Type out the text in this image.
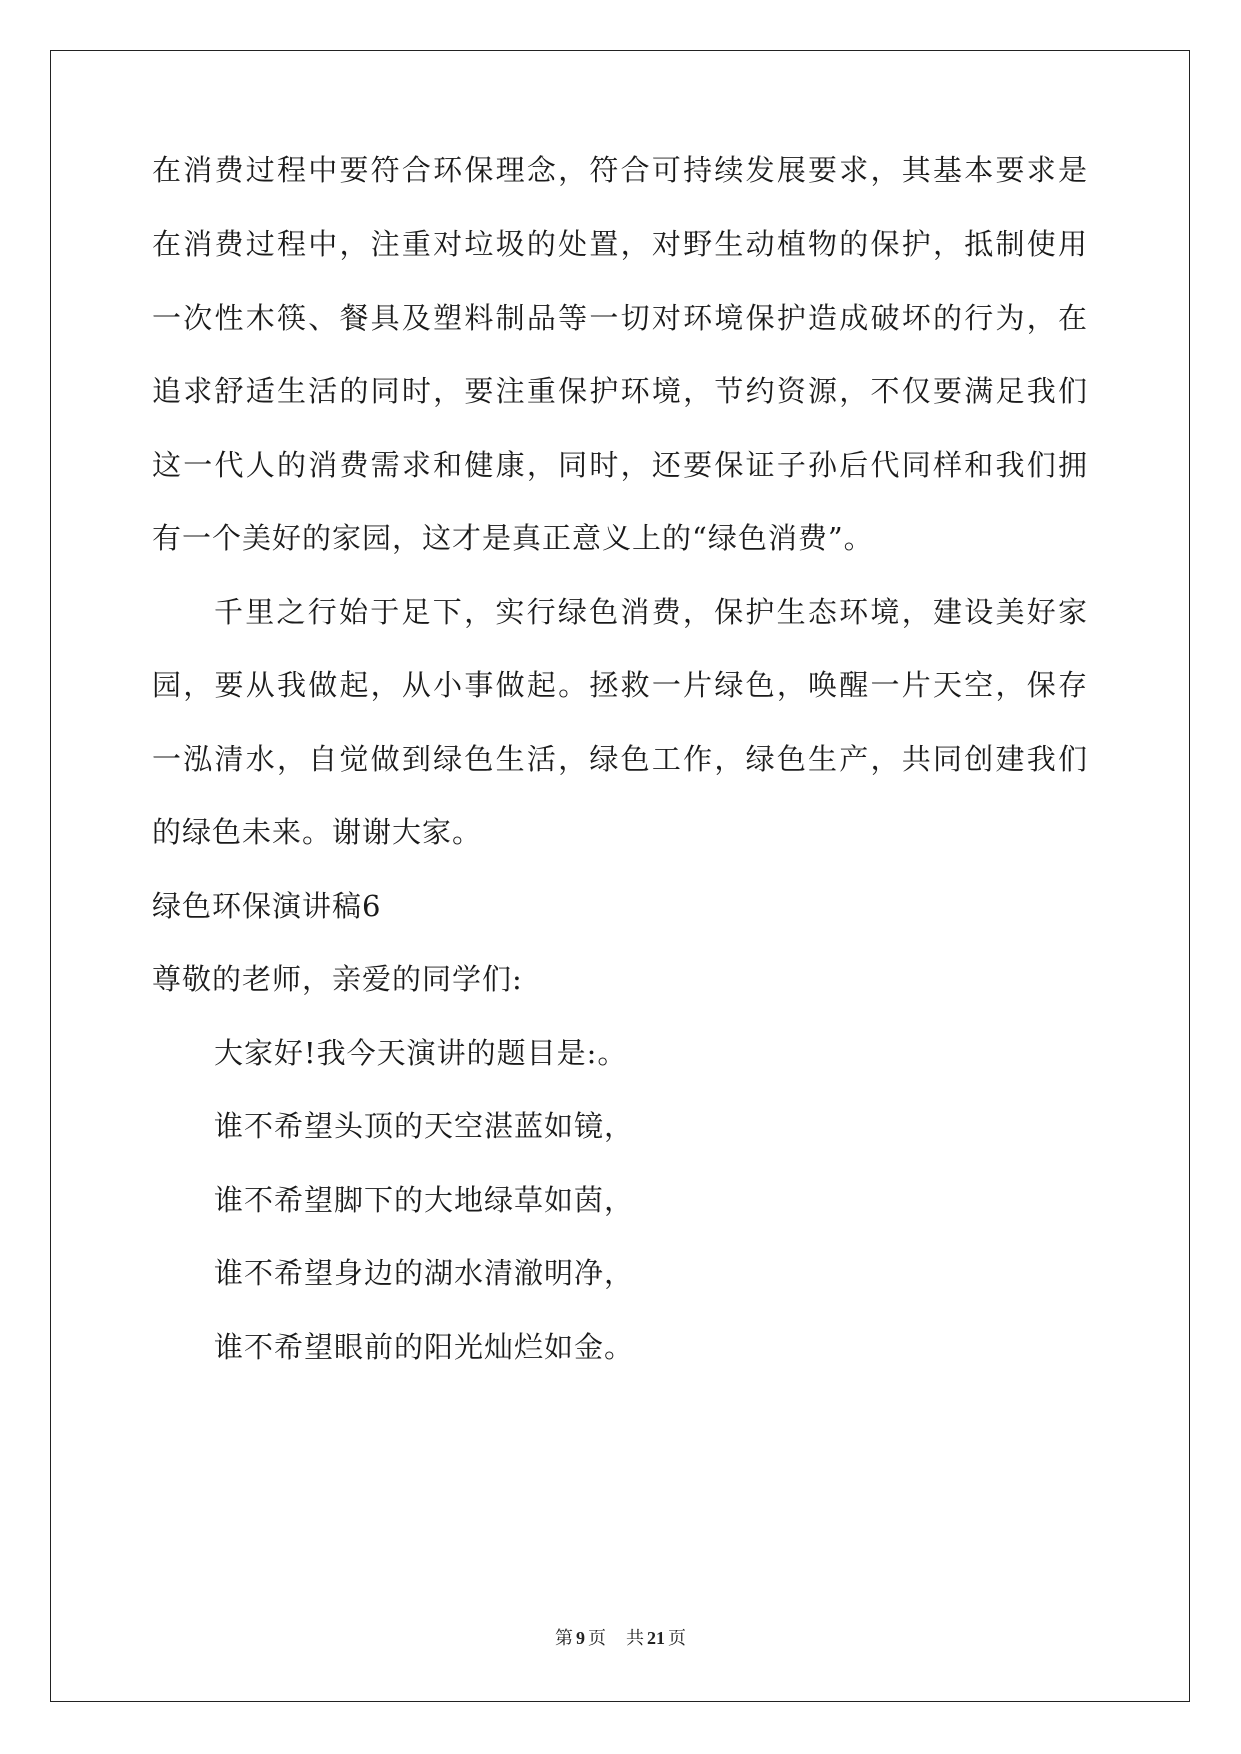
在消费过程中要符合环保理念，符合可持续发展要求，其基本要求是
在消费过程中，注重对垃圾的处置，对野生动植物的保护，抵制使用
一次性木筷、餐具及塑料制品等一切对环境保护造成破坏的行为，在
追求舒适生活的同时，要注重保护环境，节约资源，不仅要满足我们
这一代人的消费需求和健康，同时，还要保证子孙后代同样和我们拥
有一个美好的家园，这才是真正意义上的“绿色消费”。
千里之行始于足下，实行绿色消费，保护生态环境，建设美好家
园，要从我做起，从小事做起。拯救一片绿色，唤醒一片天空，保存
一泓清水，自觉做到绿色生活，绿色工作，绿色生产，共同创建我们
的绿色未来。谢谢大家。
绿色环保演讲稿6
尊敬的老师，亲爱的同学们:
大家好!我今天演讲的题目是:。
谁不希望头顶的天空湛蓝如镜，
谁不希望脚下的大地绿草如茵，
谁不希望身边的湖水清澈明净，
谁不希望眼前的阳光灿烂如金。
第 9 页 共 21 页
